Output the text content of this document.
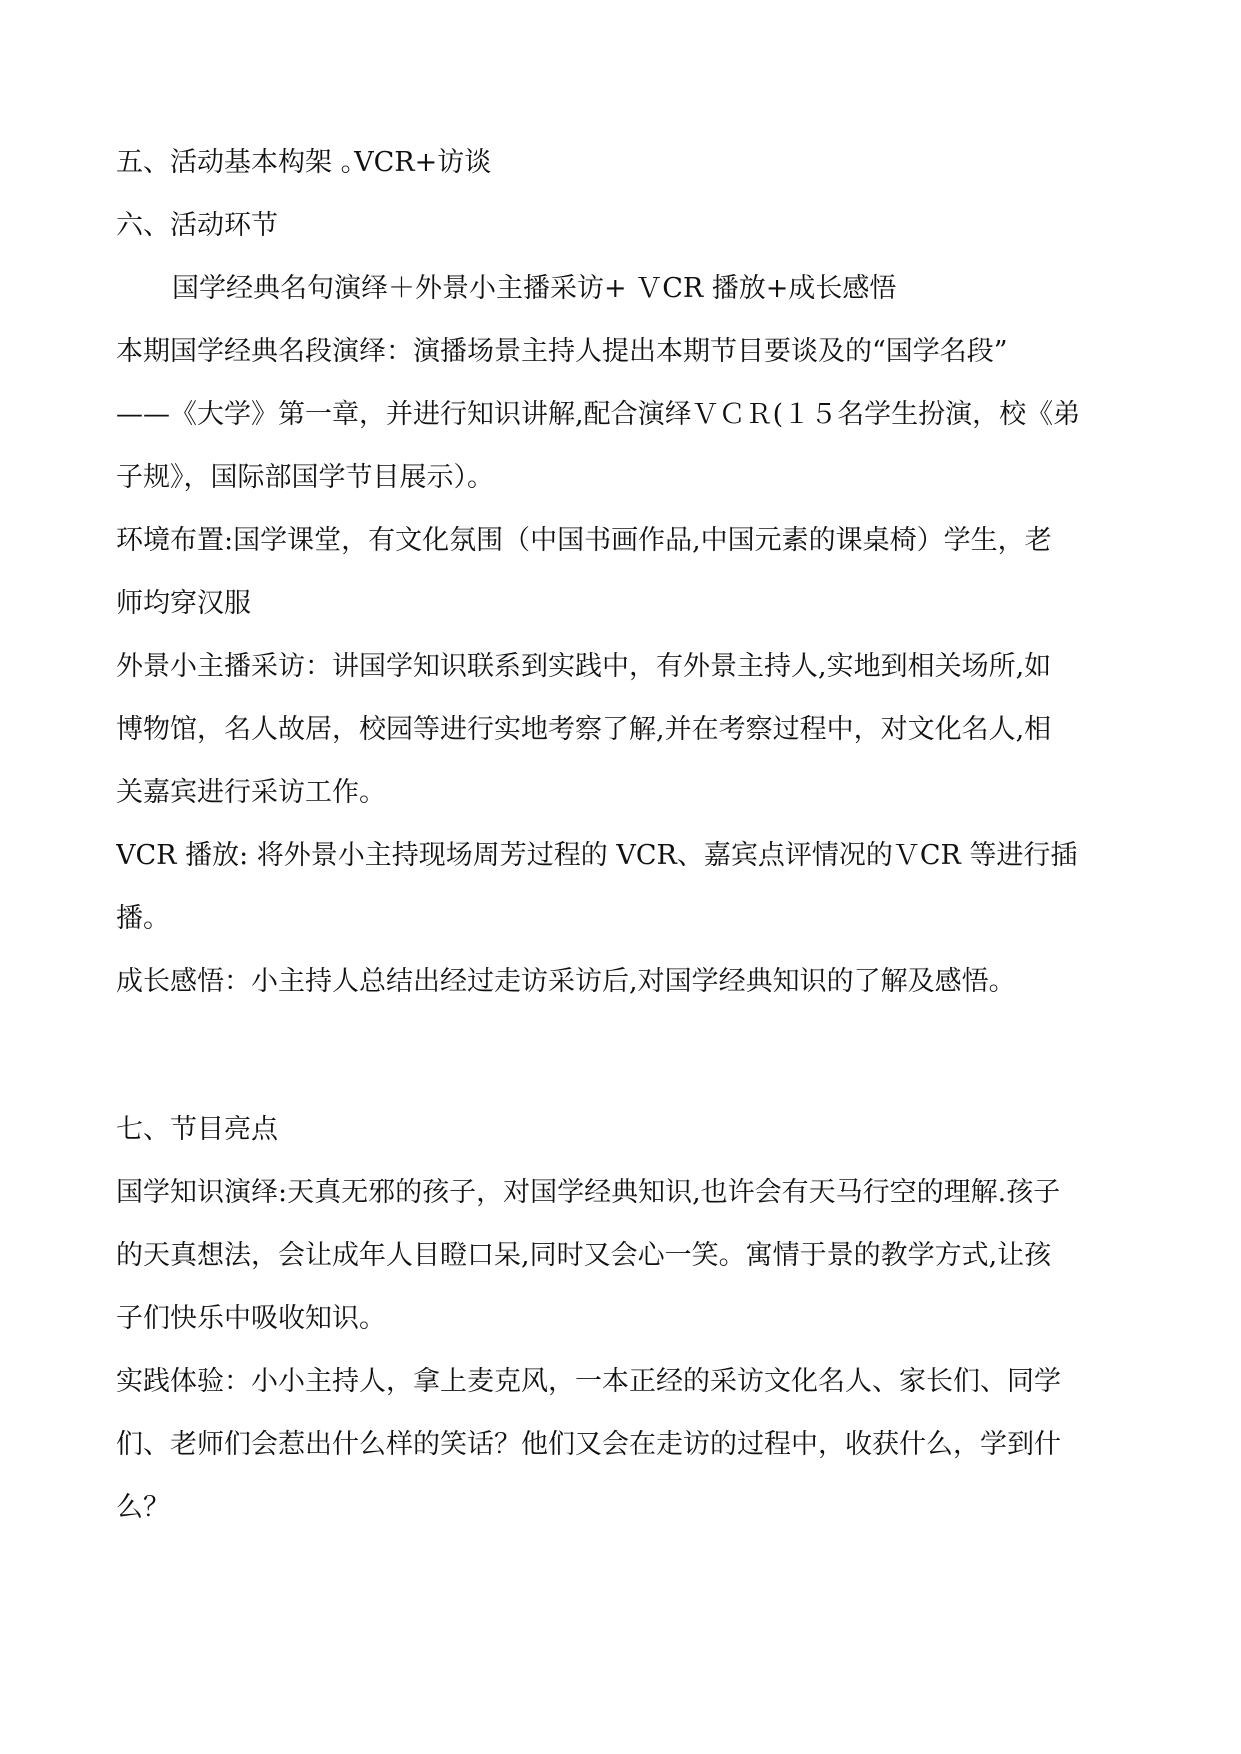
五、活动基本构架 ｡VCR+访谈
六、活动环节
国学经典名句演绎＋外景小主播采访+ ＶCR 播放+成长感悟
本期国学经典名段演绎：演播场景主持人提出本期节目要谈及的“国学名段”
——《大学》第一章，并进行知识讲解,配合演绎ＶＣＲ(１５名学生扮演，校《弟
子规》，国际部国学节目展示）。
环境布置:国学课堂，有文化氛围（中国书画作品,中国元素的课桌椅）学生，老
师均穿汉服
外景小主播采访：讲国学知识联系到实践中，有外景主持人,实地到相关场所,如
博物馆，名人故居，校园等进行实地考察了解,并在考察过程中，对文化名人,相
关嘉宾进行采访工作。
VCR 播放: 将外景小主持现场周芳过程的 VCR、嘉宾点评情况的ＶCR 等进行插
播。
成长感悟：小主持人总结出经过走访采访后,对国学经典知识的了解及感悟。
七、节目亮点
国学知识演绎:天真无邪的孩子，对国学经典知识,也许会有天马行空的理解.孩子
的天真想法，会让成年人目瞪口呆,同时又会心一笑。寓情于景的教学方式,让孩
子们快乐中吸收知识。
实践体验：小小主持人，拿上麦克风，一本正经的采访文化名人、家长们、同学
们、老师们会惹出什么样的笑话？他们又会在走访的过程中，收获什么，学到什
么？
